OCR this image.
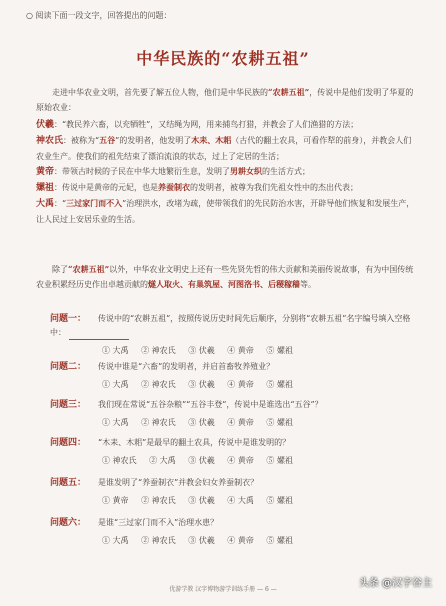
○ 阅读下面一段文字，回答提出的问题：
中华民族的“农耕五祖”
走进中华农业文明，首先要了解五位人物，他们是中华民族的“农耕五祖”，传说中是他们发明了华夏的原始农业：

伏羲：“教民养六畜，以充牺牲”，又结绳为网，用来捕鸟打猎，并教会了人们渔猎的方法；

神农氏：被称为“五谷”的发明者，他发明了木耒、木耜（古代的翻土农具，可看作犁的前身），并教会人们农业生产。使我们的祖先结束了漂泊流浪的状态，过上了定居的生活；

黄帝：带领古时候的子民在中华大地繁衍生息，发明了男耕女织的生活方式；

嫘祖：传说中是黄帝的元妃，也是养蚕制衣的发明者，被尊为我们先祖女性中的杰出代表；

大禹：“三过家门而不入”治理洪水，改堵为疏，使带领我们的先民防治水害，开辟导他们恢复和发展生产，让人民过上安居乐业的生活。

除了“农耕五祖”以外，中华农业文明史上还有一些先贤先哲的伟大贡献和美丽传说故事，有为中国传统农业积累经历史作出卓越贡献的燧人取火、有巢筑屋、河图洛书、后稷稼穑等。
问题一： 传说中的“农耕五祖”，按照传说历史时间先后顺序，分别将“农耕五祖”名字编号填入空格中：
① 大禹 ② 神农氏 ③ 伏羲 ④ 黄帝 ⑤ 嫘祖
问题二： 传说中谁是“六畜”的发明者，并启首畜牧养殖业？
① 大禹 ② 神农氏 ③ 伏羲 ④ 黄帝 ⑤ 嫘祖
问题三： 我们现在常说“五谷杂粮”“五谷丰登”，传说中是谁选出“五谷”？
① 大禹 ② 神农氏 ③ 伏羲 ④ 黄帝 ⑤ 嫘祖
问题四： “木耒、木耜”是最早的翻土农具，传说中是谁发明的？
① 神农氏 ② 大禹 ③ 伏羲 ④ 黄帝 ⑤ 嫘祖
问题五： 是谁发明了“养蚕制衣”并教会妇女养蚕制衣？
① 黄帝 ② 神农氏 ③ 伏羲 ④ 大禹 ⑤ 嫘祖
问题六： 是谁“三过家门而不入”治理水患？
① 大禹 ② 神农氏 ③ 伏羲 ④ 黄帝 ⑤ 嫘祖
优游学教 汉字博物游学训练手册 — 6 —
头条 @汉字谷主
